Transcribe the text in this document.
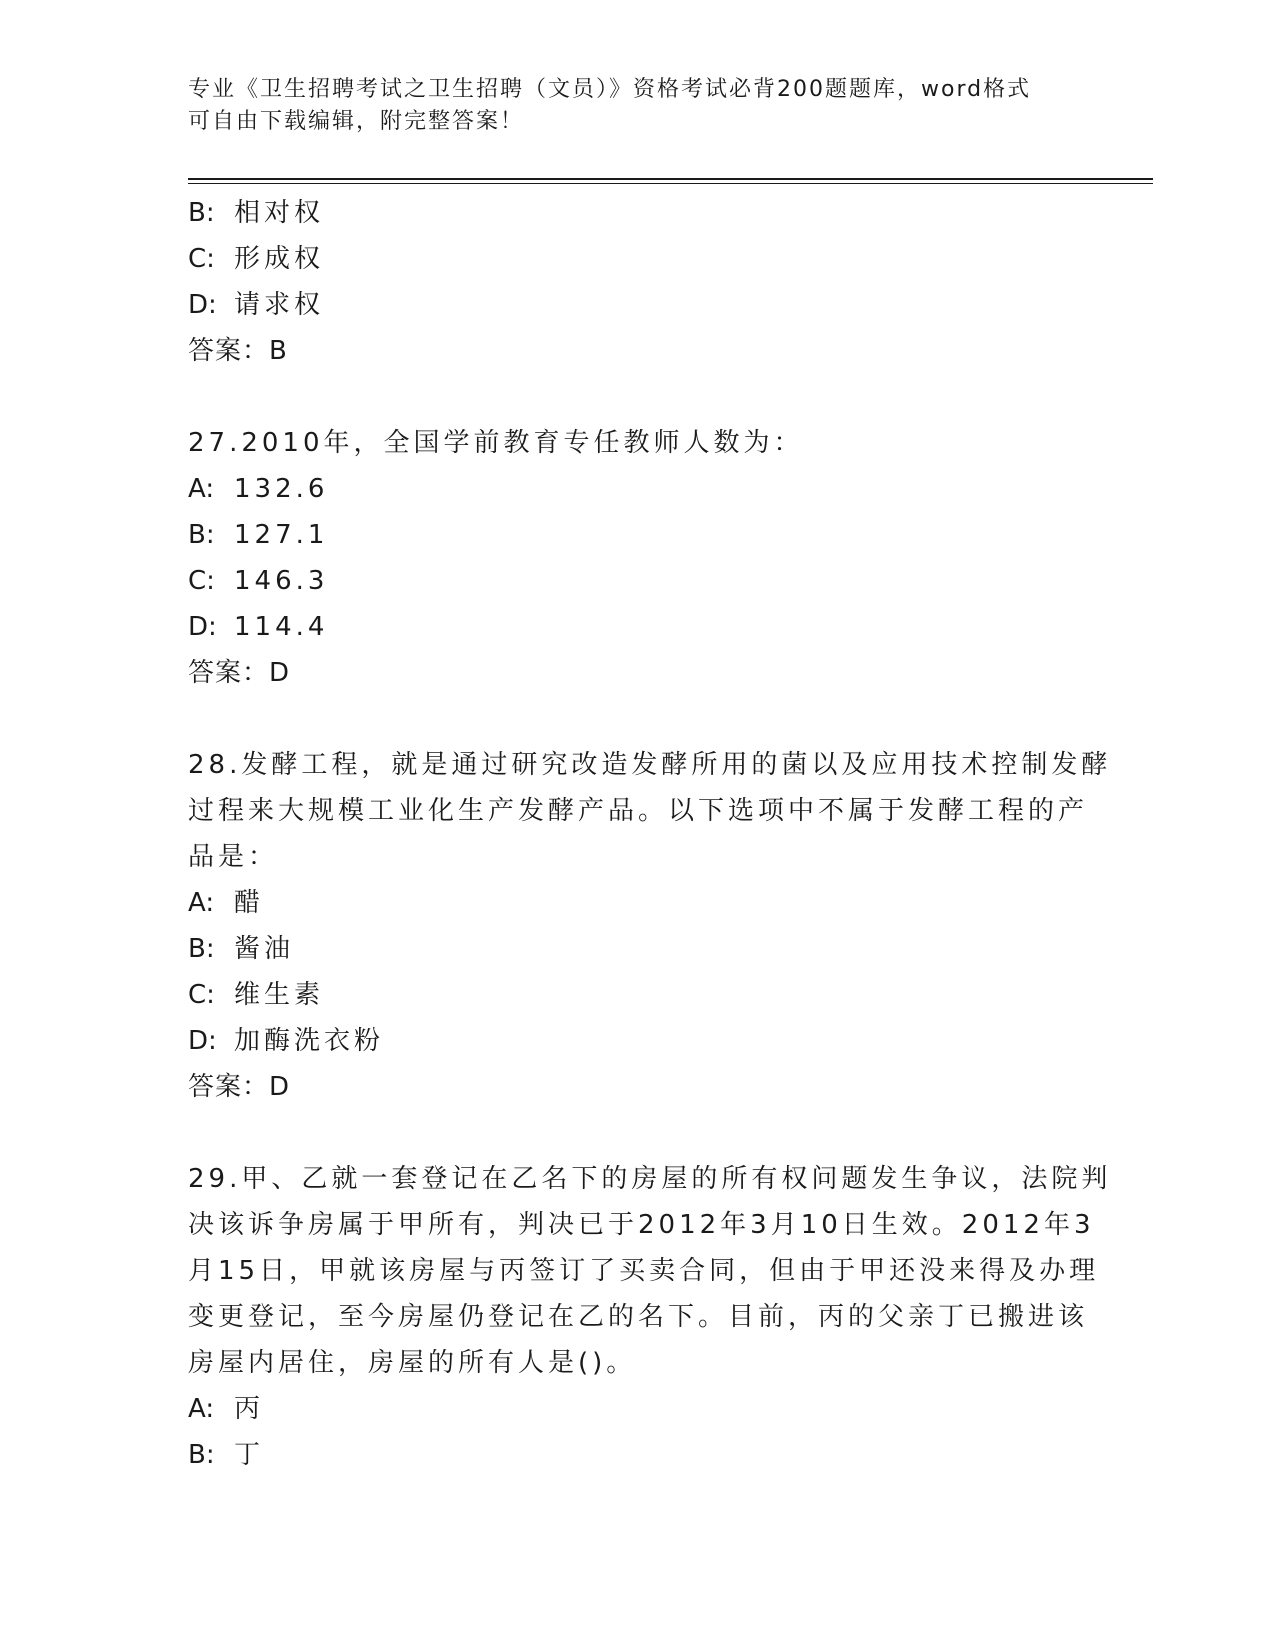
专业《卫生招聘考试之卫生招聘（文员）》资格考试必背200题题库，word格式
可自由下载编辑，附完整答案！
B: 相对权
C: 形成权
D: 请求权
答案：B
27.2010年，全国学前教育专任教师人数为：
A: 132.6
B: 127.1
C: 146.3
D: 114.4
答案：D
28.发酵工程，就是通过研究改造发酵所用的菌以及应用技术控制发酵
过程来大规模工业化生产发酵产品。以下选项中不属于发酵工程的产
品是：
A: 醋
B: 酱油
C: 维生素
D: 加酶洗衣粉
答案：D
29.甲、乙就一套登记在乙名下的房屋的所有权问题发生争议，法院判
决该诉争房属于甲所有，判决已于2012年3月10日生效。2012年3
月15日，甲就该房屋与丙签订了买卖合同，但由于甲还没来得及办理
变更登记，至今房屋仍登记在乙的名下。目前，丙的父亲丁已搬进该
房屋内居住，房屋的所有人是()。
A: 丙
B: 丁
